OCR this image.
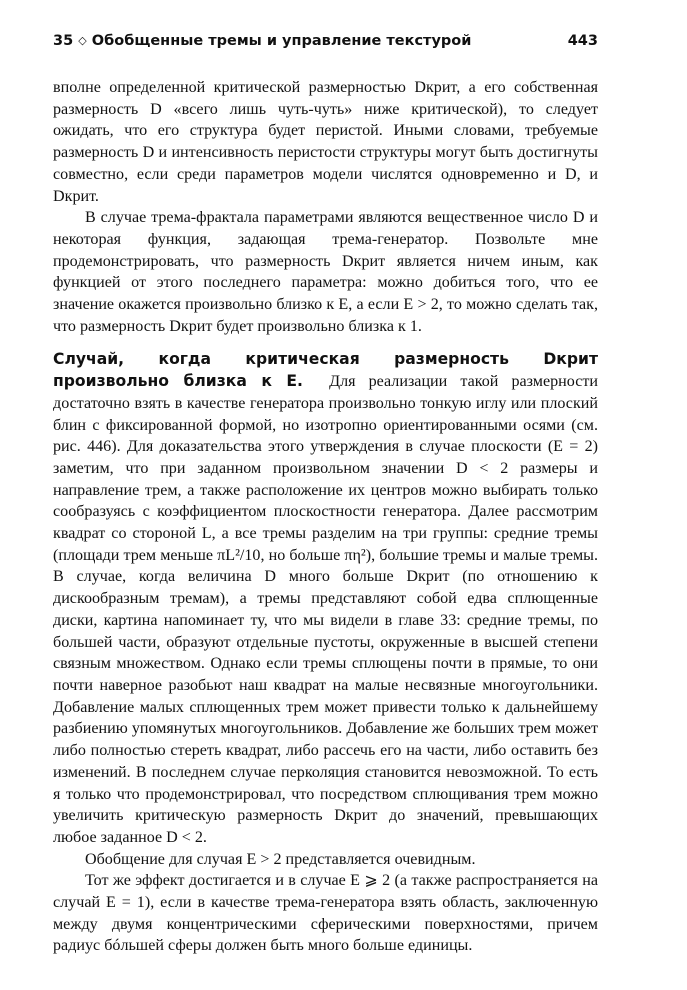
35 ◇ Обобщенные тремы и управление текстурой	443

вполне определенной критической размерностью Dкрит, а его собственная размерность D «всего лишь чуть-чуть» ниже критической), то следует ожидать, что его структура будет перистой. Иными словами, требуемые размерность D и интенсивность перистости структуры могут быть достигнуты совместно, если среди параметров модели числятся одновременно и D, и Dкрит.

В случае трема-фрактала параметрами являются вещественное число D и некоторая функция, задающая трема-генератор. Позвольте мне продемонстрировать, что размерность Dкрит является ничем иным, как функцией от этого последнего параметра: можно добиться того, что ее значение окажется произвольно близко к E, а если E > 2, то можно сделать так, что размерность Dкрит будет произвольно близка к 1.

Случай, когда критическая размерность Dкрит произвольно близка к E. Для реализации такой размерности достаточно взять в качестве генератора произвольно тонкую иглу или плоский блин с фиксированной формой, но изотропно ориентированными осями (см. рис. 446). Для доказательства этого утверждения в случае плоскости (E = 2) заметим, что при заданном произвольном значении D < 2 размеры и направление трем, а также расположение их центров можно выбирать только сообразуясь с коэффициентом плоскостности генератора. Далее рассмотрим квадрат со стороной L, а все тремы разделим на три группы: средние тремы (площади трем меньше πL²/10, но больше πη²), большие тремы и малые тремы. В случае, когда величина D много больше Dкрит (по отношению к дискообразным тремам), а тремы представляют собой едва сплющенные диски, картина напоминает ту, что мы видели в главе 33: средние тремы, по большей части, образуют отдельные пустоты, окруженные в высшей степени связным множеством. Однако если тремы сплющены почти в прямые, то они почти наверное разобьют наш квадрат на малые несвязные многоугольники. Добавление малых сплющенных трем может привести только к дальнейшему разбиению упомянутых многоугольников. Добавление же больших трем может либо полностью стереть квадрат, либо рассечь его на части, либо оставить без изменений. В последнем случае перколяция становится невозможной. То есть я только что продемонстрировал, что посредством сплющивания трем можно увеличить критическую размерность Dкрит до значений, превышающих любое заданное D < 2.

Обобщение для случая E > 2 представляется очевидным.

Тот же эффект достигается и в случае E ⩾ 2 (а также распространяется на случай E = 1), если в качестве трема-генератора взять область, заключенную между двумя концентрическими сферическими поверхностями, причем радиус бóльшей сферы должен быть много больше единицы.
